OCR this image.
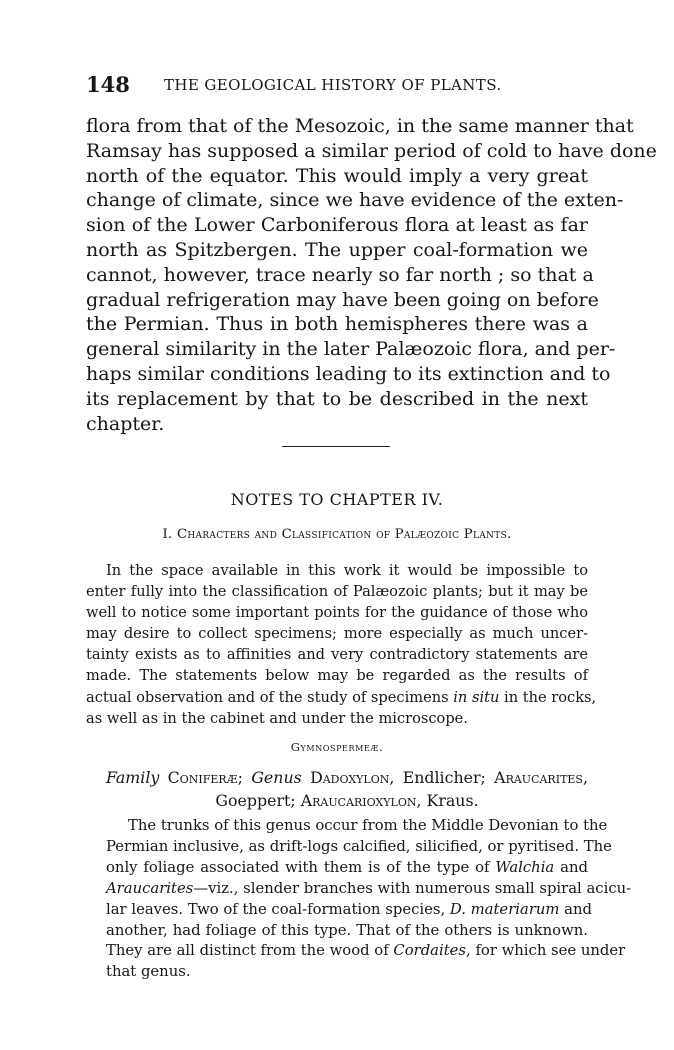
148 THE GEOLOGICAL HISTORY OF PLANTS.
flora from that of the Mesozoic, in the same manner that
Ramsay has supposed a similar period of cold to have done
north of the equator. This would imply a very great
change of climate, since we have evidence of the exten-
sion of the Lower Carboniferous flora at least as far
north as Spitzbergen. The upper coal-formation we
cannot, however, trace nearly so far north ; so that a
gradual refrigeration may have been going on before
the Permian. Thus in both hemispheres there was a
general similarity in the later Palæozoic flora, and per-
haps similar conditions leading to its extinction and to
its replacement by that to be described in the next
chapter.
NOTES TO CHAPTER IV.
I. Characters and Classification of Palæozoic Plants.
In the space available in this work it would be impossible to
enter fully into the classification of Palæozoic plants; but it may be
well to notice some important points for the guidance of those who
may desire to collect specimens; more especially as much uncer-
tainty exists as to affinities and very contradictory statements are
made. The statements below may be regarded as the results of
actual observation and of the study of specimens in situ in the rocks,
as well as in the cabinet and under the microscope.
Gymnospermeæ.
Family Coniferæ; Genus Dadoxylon, Endlicher; Araucarites,
Goeppert; Araucarioxylon, Kraus.
The trunks of this genus occur from the Middle Devonian to the
Permian inclusive, as drift-logs calcified, silicified, or pyritised. The
only foliage associated with them is of the type of Walchia and
Araucarites—viz., slender branches with numerous small spiral acicu-
lar leaves. Two of the coal-formation species, D. materiarum and
another, had foliage of this type. That of the others is unknown.
They are all distinct from the wood of Cordaites, for which see under
that genus.
